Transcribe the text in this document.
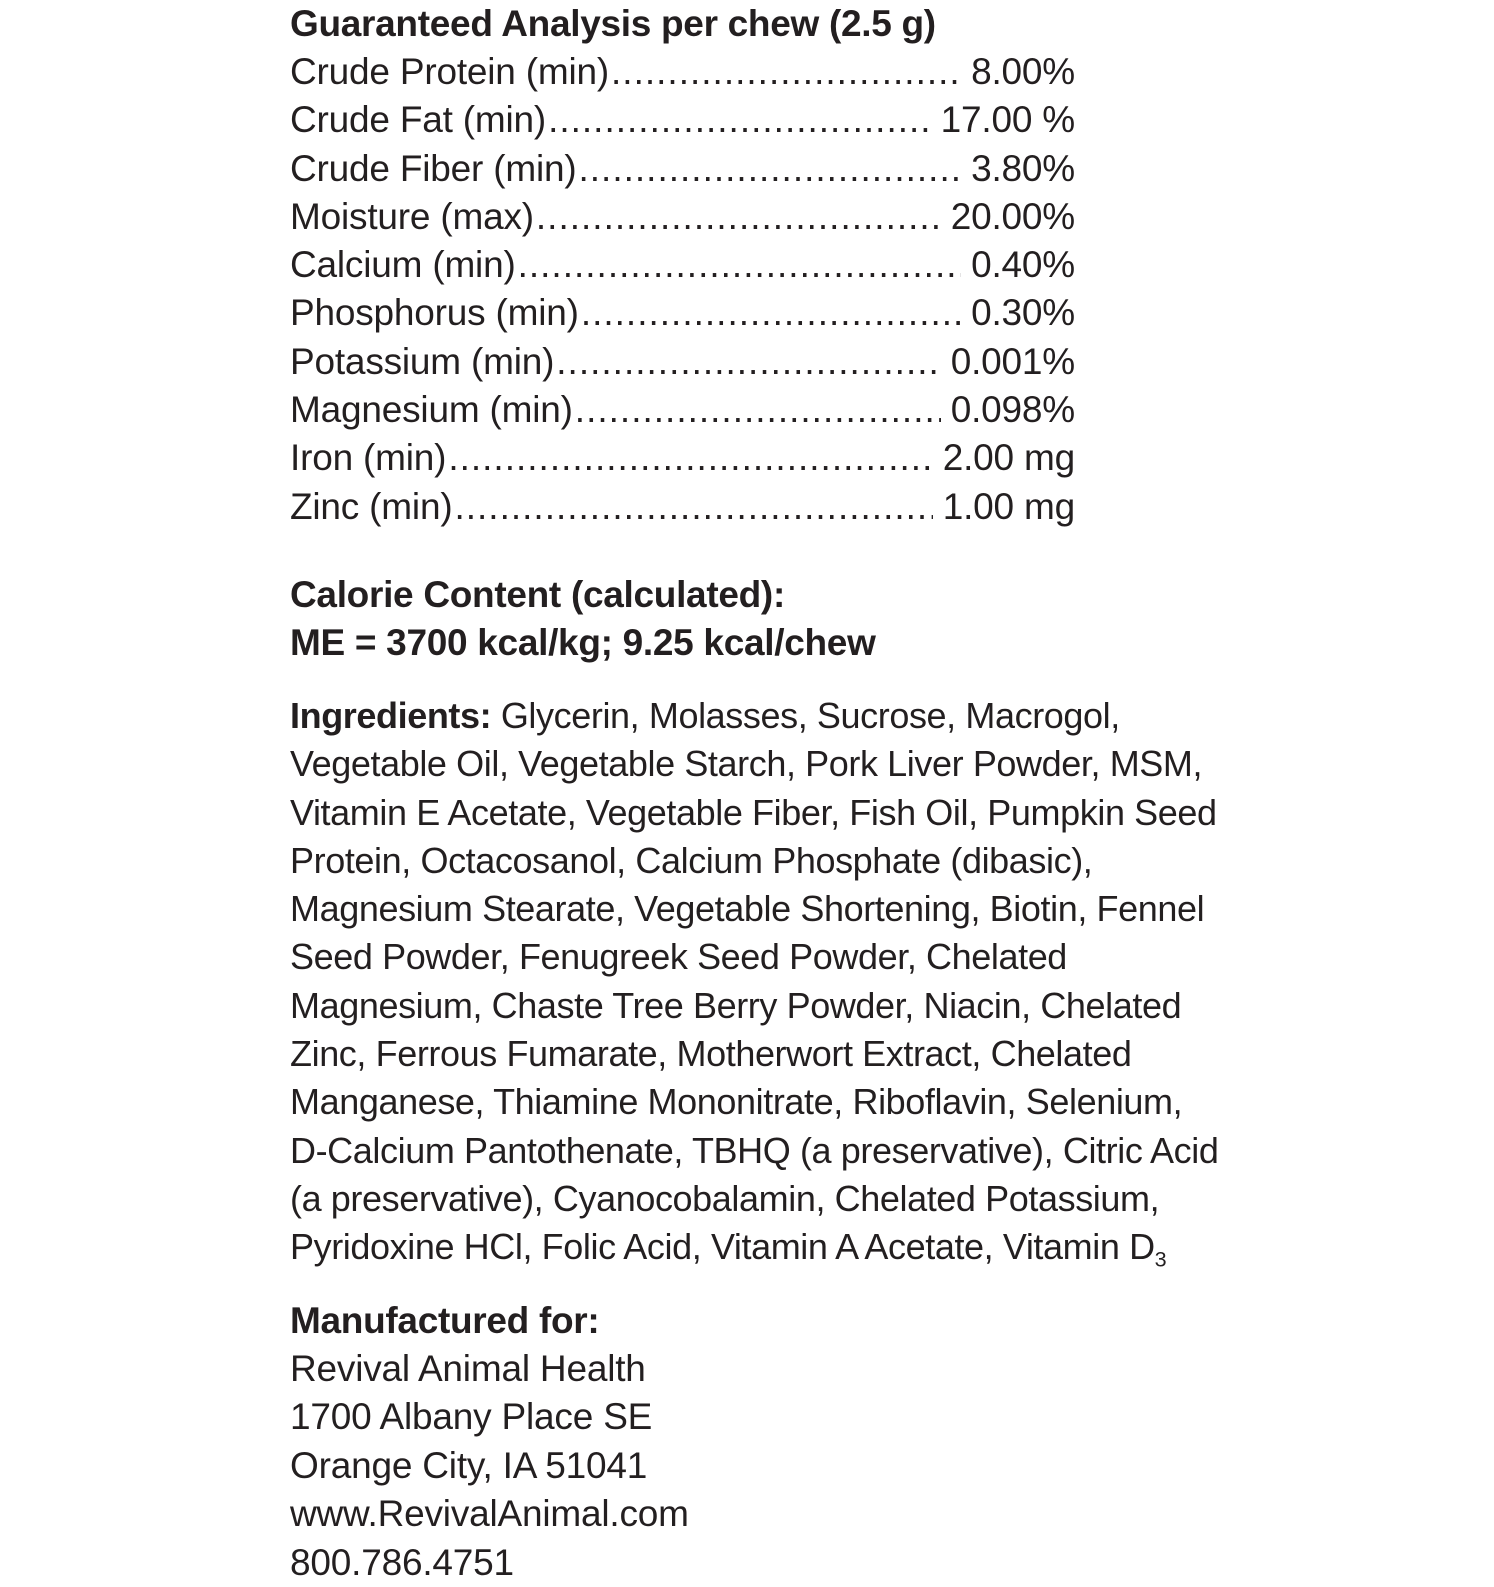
Guaranteed Analysis per chew (2.5 g)
Crude Protein (min) .....	8.00%
Crude Fat (min) .....	17.00 %
Crude Fiber (min) .....	3.80%
Moisture (max) .....	20.00%
Calcium (min) .....	0.40%
Phosphorus (min) .....	0.30%
Potassium (min) .....	0.001%
Magnesium (min) .....	0.098%
Iron (min) .....	2.00 mg
Zinc (min) .....	1.00 mg
Calorie Content (calculated):
ME = 3700 kcal/kg; 9.25 kcal/chew
Ingredients: Glycerin, Molasses, Sucrose, Macrogol, Vegetable Oil, Vegetable Starch, Pork Liver Powder, MSM, Vitamin E Acetate, Vegetable Fiber, Fish Oil, Pumpkin Seed Protein, Octacosanol, Calcium Phosphate (dibasic), Magnesium Stearate, Vegetable Shortening, Biotin, Fennel Seed Powder, Fenugreek Seed Powder, Chelated Magnesium, Chaste Tree Berry Powder, Niacin, Chelated Zinc, Ferrous Fumarate, Motherwort Extract, Chelated Manganese, Thiamine Mononitrate, Riboflavin, Selenium, D-Calcium Pantothenate, TBHQ (a preservative), Citric Acid (a preservative), Cyanocobalamin, Chelated Potassium, Pyridoxine HCl, Folic Acid, Vitamin A Acetate, Vitamin $D_3$
Manufactured for:
Revival Animal Health
1700 Albany Place SE
Orange City, IA 51041
www.RevivalAnimal.com
800.786.4751
